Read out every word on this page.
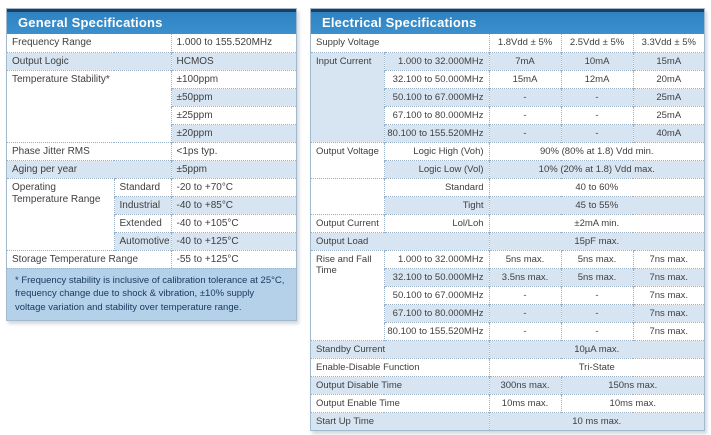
General Specifications
Frequency Range		1.000 to 155.520MHz
Output Logic		HCMOS
Temperature Stability*		±100ppm
		±50ppm
		±25ppm
		±20ppm
Phase Jitter RMS		<1ps typ.
Aging per year		±5ppm
Operating Temperature Range	Standard	-20 to +70°C
	Industrial	-40 to +85°C
	Extended	-40 to +105°C
	Automotive	-40 to +125°C
Storage Temperature Range		-55 to +125°C
* Frequency stability is inclusive of calibration tolerance at 25°C, frequency change due to shock & vibration, ±10% supply voltage variation and stability over temperature range.
Electrical Specifications
Supply Voltage		1.8Vdd ± 5%	2.5Vdd ± 5%	3.3Vdd ± 5%
Input Current	1.000 to 32.000MHz	7mA	10mA	15mA
	32.100 to 50.000MHz	15mA	12mA	20mA
	50.100 to 67.000MHz	-	-	25mA
	67.100 to 80.000MHz	-	-	25mA
	80.100 to 155.520MHz	-	-	40mA
Output Voltage	Logic High (Voh)	90% (80% at 1.8) Vdd min.		
	Logic Low (Vol)	10% (20% at 1.8) Vdd max.		
	Standard	40 to 60%		
	Tight	45 to 55%		
Output Current	Lol/Loh	±2mA min.		
Output Load		15pF max.		
Rise and Fall Time	1.000 to 32.000MHz	5ns max.	5ns max.	7ns max.
	32.100 to 50.000MHz	3.5ns max.	5ns max.	7ns max.
	50.100 to 67.000MHz	-	-	7ns max.
	67.100 to 80.000MHz	-	-	7ns max.
	80.100 to 155.520MHz	-	-	7ns max.
Standby Current		10µA max.		
Enable-Disable Function		Tri-State		
Output Disable Time		300ns max.	150ns max.	
Output Enable Time		10ms max.	10ms max.	
Start Up Time		10 ms max.		
